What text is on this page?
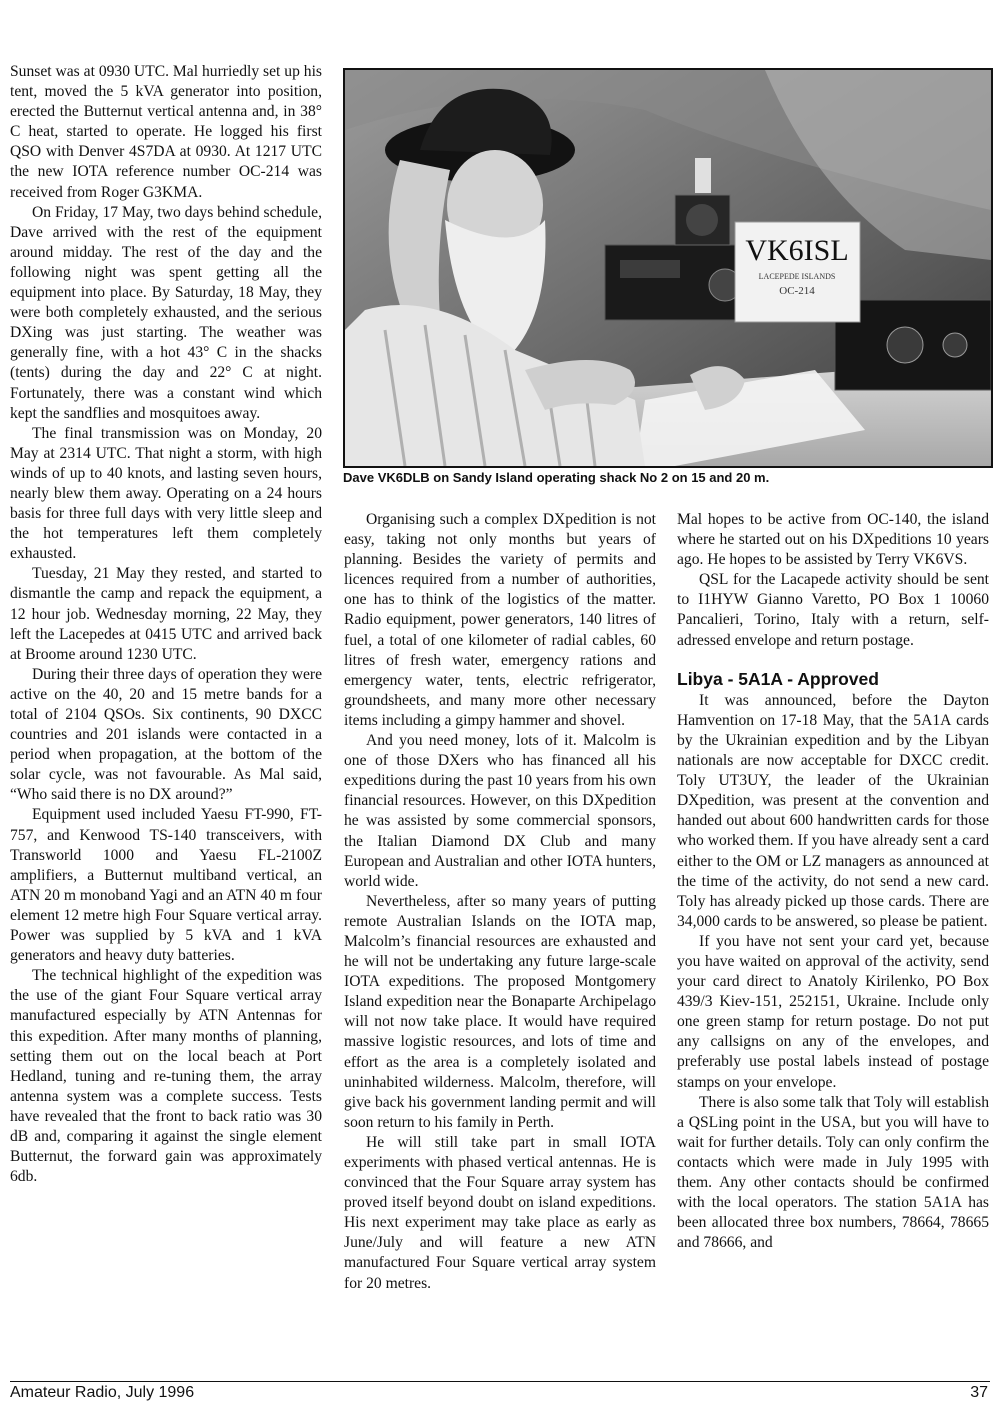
Sunset was at 0930 UTC. Mal hurriedly set up his tent, moved the 5 kVA generator into position, erected the Butternut vertical antenna and, in 38° C heat, started to operate. He logged his first QSO with Denver 4S7DA at 0930. At 1217 UTC the new IOTA reference number OC-214 was received from Roger G3KMA.

On Friday, 17 May, two days behind schedule, Dave arrived with the rest of the equipment around midday. The rest of the day and the following night was spent getting all the equipment into place. By Saturday, 18 May, they were both completely exhausted, and the serious DXing was just starting. The weather was generally fine, with a hot 43° C in the shacks (tents) during the day and 22° C at night. Fortunately, there was a constant wind which kept the sandflies and mosquitoes away.

The final transmission was on Monday, 20 May at 2314 UTC. That night a storm, with high winds of up to 40 knots, and lasting seven hours, nearly blew them away. Operating on a 24 hours basis for three full days with very little sleep and the hot temperatures left them completely exhausted.

Tuesday, 21 May they rested, and started to dismantle the camp and repack the equipment, a 12 hour job. Wednesday morning, 22 May, they left the Lacepedes at 0415 UTC and arrived back at Broome around 1230 UTC.

During their three days of operation they were active on the 40, 20 and 15 metre bands for a total of 2104 QSOs. Six continents, 90 DXCC countries and 201 islands were contacted in a period when propagation, at the bottom of the solar cycle, was not favourable. As Mal said, “Who said there is no DX around?”

Equipment used included Yaesu FT-990, FT-757, and Kenwood TS-140 transceivers, with Transworld 1000 and Yaesu FL-2100Z amplifiers, a Butternut multiband vertical, an ATN 20 m monoband Yagi and an ATN 40 m four element 12 metre high Four Square vertical array. Power was supplied by 5 kVA and 1 kVA generators and heavy duty batteries.

The technical highlight of the expedition was the use of the giant Four Square vertical array manufactured especially by ATN Antennas for this expedition. After many months of planning, setting them out on the local beach at Port Hedland, tuning and re-tuning them, the array antenna system was a complete success. Tests have revealed that the front to back ratio was 30 dB and, comparing it against the single element Butternut, the forward gain was approximately 6db.

VK6ISL
LACEPEDE ISLANDS
OC-214
Dave VK6DLB on Sandy Island operating shack No 2 on 15 and 20 m.

Organising such a complex DXpedition is not easy, taking not only months but years of planning. Besides the variety of permits and licences required from a number of authorities, one has to think of the logistics of the matter. Radio equipment, power generators, 140 litres of fuel, a total of one kilometer of radial cables, 60 litres of fresh water, emergency rations and emergency water, tents, electric refrigerator, groundsheets, and many more other necessary items including a gimpy hammer and shovel.

And you need money, lots of it. Malcolm is one of those DXers who has financed all his expeditions during the past 10 years from his own financial resources. However, on this DXpedition he was assisted by some commercial sponsors, the Italian Diamond DX Club and many European and Australian and other IOTA hunters, world wide.

Nevertheless, after so many years of putting remote Australian Islands on the IOTA map, Malcolm’s financial resources are exhausted and he will not be undertaking any future large-scale IOTA expeditions. The proposed Montgomery Island expedition near the Bonaparte Archipelago will not now take place. It would have required massive logistic resources, and lots of time and effort as the area is a completely isolated and uninhabited wilderness. Malcolm, therefore, will give back his government landing permit and will soon return to his family in Perth.

He will still take part in small IOTA experiments with phased vertical antennas. He is convinced that the Four Square array system has proved itself beyond doubt on island expeditions. His next experiment may take place as early as June/July and will feature a new ATN manufactured Four Square vertical array system for 20 metres.

Mal hopes to be active from OC-140, the island where he started out on his DXpeditions 10 years ago. He hopes to be assisted by Terry VK6VS.

QSL for the Lacapede activity should be sent to I1HYW Gianno Varetto, PO Box 1 10060 Pancalieri, Torino, Italy with a return, self-adressed envelope and return postage.

Libya - 5A1A - Approved

It was announced, before the Dayton Hamvention on 17-18 May, that the 5A1A cards by the Ukrainian expedition and by the Libyan nationals are now acceptable for DXCC credit. Toly UT3UY, the leader of the Ukrainian DXpedition, was present at the convention and handed out about 600 handwritten cards for those who worked them. If you have already sent a card either to the OM or LZ managers as announced at the time of the activity, do not send a new card. Toly has already picked up those cards. There are 34,000 cards to be answered, so please be patient.

If you have not sent your card yet, because you have waited on approval of the activity, send your card direct to Anatoly Kirilenko, PO Box 439/3 Kiev-151, 252151, Ukraine. Include only one green stamp for return postage. Do not put any callsigns on any of the envelopes, and preferably use postal labels instead of postage stamps on your envelope.

There is also some talk that Toly will establish a QSLing point in the USA, but you will have to wait for further details. Toly can only confirm the contacts which were made in July 1995 with them. Any other contacts should be confirmed with the local operators. The station 5A1A has been allocated three box numbers, 78664, 78665 and 78666, and

Amateur Radio, July 1996	37
